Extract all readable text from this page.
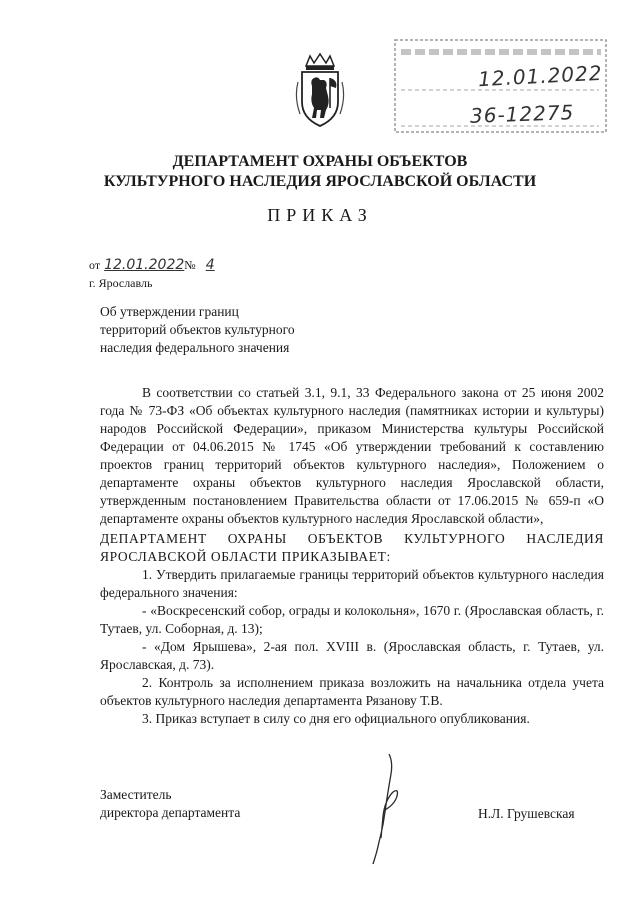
12.01.2022
36-12275
ДЕПАРТАМЕНТ ОХРАНЫ ОБЪЕКТОВ
КУЛЬТУРНОГО НАСЛЕДИЯ ЯРОСЛАВСКОЙ ОБЛАСТИ
ПРИКАЗ
от 12.01.2022№ 4
г. Ярославль
Об утверждении границ
территорий объектов культурного
наследия федерального значения

В соответствии со статьей 3.1, 9.1, 33 Федерального закона от 25 июня 2002 года № 73-ФЗ «Об объектах культурного наследия (памятниках истории и культуры) народов Российской Федерации», приказом Министерства культуры Российской Федерации от 04.06.2015 № 1745 «Об утверждении требований к составлению проектов границ территорий объектов культурного наследия», Положением о департаменте охраны объектов культурного наследия Ярославской области, утвержденным постановлением Правительства области от 17.06.2015 № 659-п «О департаменте охраны объектов культурного наследия Ярославской области»,

ДЕПАРТАМЕНТ ОХРАНЫ ОБЪЕКТОВ КУЛЬТУРНОГО НАСЛЕДИЯ ЯРОСЛАВСКОЙ ОБЛАСТИ ПРИКАЗЫВАЕТ:

1. Утвердить прилагаемые границы территорий объектов культурного наследия федерального значения:

- «Воскресенский собор, ограды и колокольня», 1670 г. (Ярославская область, г. Тутаев, ул. Соборная, д. 13);

- «Дом Ярышева», 2-ая пол. XVIII в. (Ярославская область, г. Тутаев, ул. Ярославская, д. 73).

2. Контроль за исполнением приказа возложить на начальника отдела учета объектов культурного наследия департамента Рязанову Т.В.

3. Приказ вступает в силу со дня его официального опубликования.

Заместитель
директора департамента	Н.Л. Грушевская
